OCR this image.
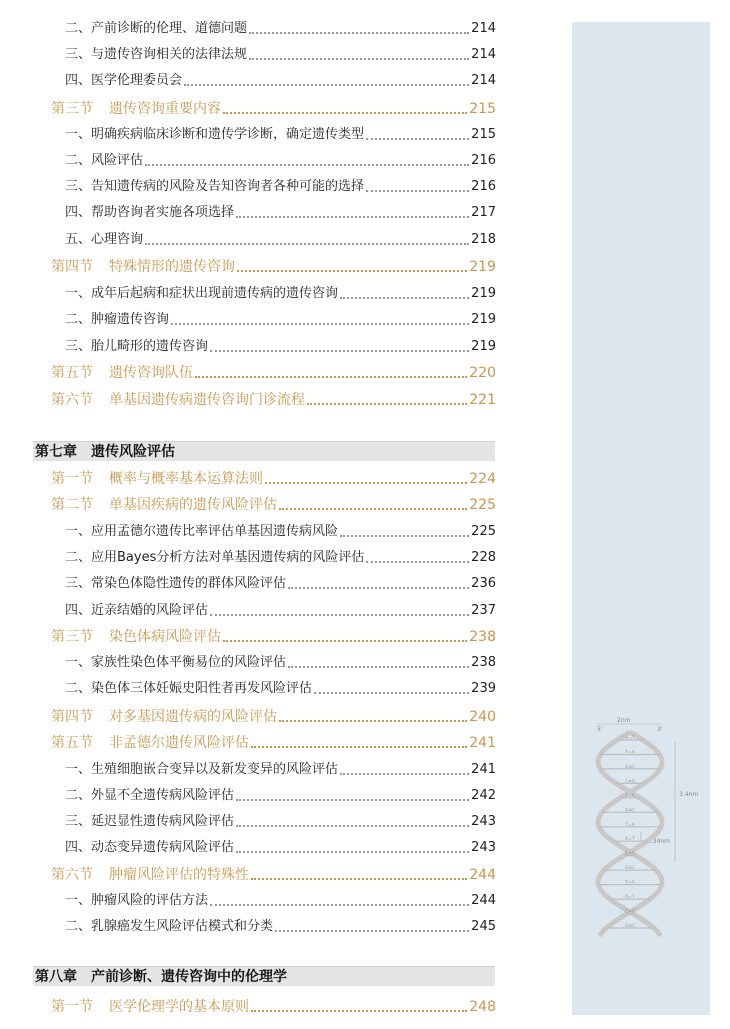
二、产前诊断的伦理、道德问题	214
三、与遗传咨询相关的法律法规	214
四、医学伦理委员会	214
第三节 遗传咨询重要内容	215
一、明确疾病临床诊断和遗传学诊断，确定遗传类型	215
二、风险评估	216
三、告知遗传病的风险及告知咨询者各种可能的选择	216
四、帮助咨询者实施各项选择	217
五、心理咨询	218
第四节 特殊情形的遗传咨询	219
一、成年后起病和症状出现前遗传病的遗传咨询	219
二、肿瘤遗传咨询	219
三、胎儿畸形的遗传咨询	219
第五节 遗传咨询队伍	220
第六节 单基因遗传病遗传咨询门诊流程	221
第七章 遗传风险评估
第一节 概率与概率基本运算法则	224
第二节 单基因疾病的遗传风险评估	225
一、应用孟德尔遗传比率评估单基因遗传病风险	225
二、应用Bayes分析方法对单基因遗传病的风险评估	228
三、常染色体隐性遗传的群体风险评估	236
四、近亲结婚的风险评估	237
第三节 染色体病风险评估	238
一、家族性染色体平衡易位的风险评估	238
二、染色体三体妊娠史阳性者再发风险评估	239
第四节 对多基因遗传病的风险评估	240
第五节 非孟德尔遗传风险评估	241
一、生殖细胞嵌合变异以及新发变异的风险评估	241
二、外显不全遗传病风险评估	242
三、延迟显性遗传病风险评估	243
四、动态变异遗传病风险评估	243
第六节 肿瘤风险评估的特殊性	244
一、肿瘤风险的评估方法	244
二、乳腺癌发生风险评估模式和分类	245
第八章 产前诊断、遗传咨询中的伦理学
第一节 医学伦理学的基本原则	248
2nm
5'	3'
3.4nm
0.34nm
A=T
T=A
G≡C
C≡G
T=A
G≡C
T=A
A=T
C≡G
G≡C
T=A
A=T
C≡G
G≡C
